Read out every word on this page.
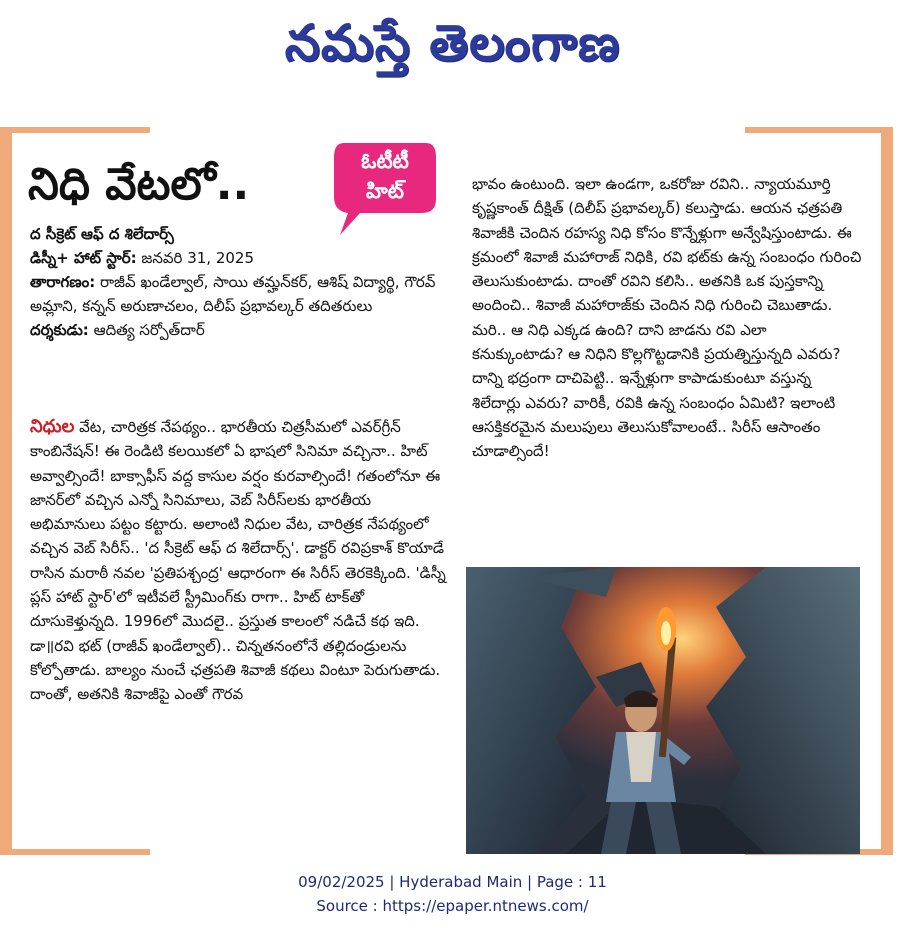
నమస్తే తెలంగాణ
నిధి వేటలో..	ఓటీటీ
హిట్
ద సీక్రెట్ ఆఫ్ ద శిలేదార్స్
డిస్నీ+ హాట్ స్టార్: జనవరి 31, 2025
తారాగణం: రాజీవ్ ఖండేల్వాల్, సాయి తమ్హన్‌కర్, ఆశిష్ విద్యార్థి, గౌరవ్ అమ్లాని, కన్నన్ అరుణాచలం, దిలీప్ ప్రభావల్కర్ తదితరులు
దర్శకుడు: ఆదిత్య సర్పోత్‌దార్
నిధుల వేట, చారిత్రక నేపథ్యం.. భారతీయ చిత్రసీమలో ఎవర్‌గ్రీన్ కాంబినేషన్! ఈ రెండిటి కలయికలో ఏ భాషలో సినిమా వచ్చినా.. హిట్ అవ్వాల్సిందే! బాక్సాఫీస్ వద్ద కాసుల వర్షం కురవాల్సిందే! గతంలోనూ ఈ జానర్‌లో వచ్చిన ఎన్నో సినిమాలు, వెబ్ సిరీస్‌లకు భారతీయ అభిమానులు పట్టం కట్టారు. అలాంటి నిధుల వేట, చారిత్రక నేపథ్యంలో వచ్చిన వెబ్ సిరీస్.. 'ద సీక్రెట్ ఆఫ్ ద శిలేదార్స్'. డాక్టర్ రవిప్రకాశ్ కొయాడే రాసిన మరాఠీ నవల 'ప్రతిపశ్చంద్ర' ఆధారంగా ఈ సిరీస్ తెరకెక్కింది. 'డిస్నీ ప్లస్ హాట్ స్టార్'లో ఇటీవలే స్ట్రీమింగ్‌కు రాగా.. హిట్ టాక్‌తో దూసుకెళ్తున్నది. 1996లో మొదలై.. ప్రస్తుత కాలంలో నడిచే కథ ఇది. డా॥రవి భట్ (రాజీవ్ ఖండేల్వాల్).. చిన్నతనంలోనే తల్లిదండ్రులను కోల్పోతాడు. బాల్యం నుంచే ఛత్రపతి శివాజీ కథలు వింటూ పెరుగుతాడు. దాంతో, అతనికి శివాజీపై ఎంతో గౌరవ
భావం ఉంటుంది. ఇలా ఉండగా, ఒకరోజు రవిని.. న్యాయమూర్తి కృష్ణకాంత్ దీక్షిత్ (దిలీప్ ప్రభావల్కర్) కలుస్తాడు. ఆయన ఛత్రపతి శివాజీకి చెందిన రహస్య నిధి కోసం కొన్నేళ్లుగా అన్వేషిస్తుంటాడు. ఈ క్రమంలో శివాజీ మహారాజ్ నిధికి, రవి భట్‌కు ఉన్న సంబంధం గురించి తెలుసుకుంటాడు. దాంతో రవిని కలిసి.. అతనికి ఒక పుస్తకాన్ని అందించి.. శివాజీ మహారాజ్‌కు చెందిన నిధి గురించి చెబుతాడు. మరి.. ఆ నిధి ఎక్కడ ఉంది? దాని జాడను రవి ఎలా కనుక్కుంటాడు? ఆ నిధిని కొల్లగొట్టడానికి ప్రయత్నిస్తున్నది ఎవరు? దాన్ని భద్రంగా దాచిపెట్టి.. ఇన్నేళ్లుగా కాపాడుకుంటూ వస్తున్న శిలేదార్లు ఎవరు? వారికీ, రవికి ఉన్న సంబంధం ఏమిటి? ఇలాంటి ఆసక్తికరమైన మలుపులు తెలుసుకోవాలంటే.. సిరీస్ ఆసాంతం చూడాల్సిందే!
09/02/2025 | Hyderabad Main | Page : 11
Source : https://epaper.ntnews.com/
